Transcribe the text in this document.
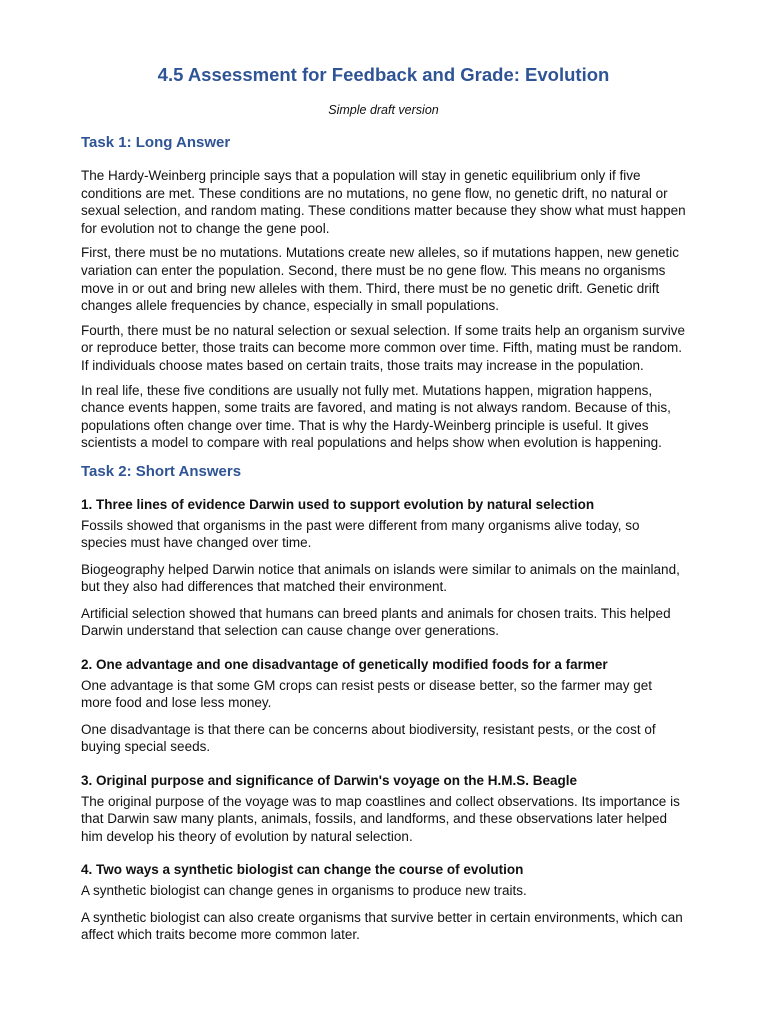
4.5 Assessment for Feedback and Grade: Evolution

Simple draft version

Task 1: Long Answer

The Hardy-Weinberg principle says that a population will stay in genetic equilibrium only if five conditions are met. These conditions are no mutations, no gene flow, no genetic drift, no natural or sexual selection, and random mating. These conditions matter because they show what must happen for evolution not to change the gene pool.

First, there must be no mutations. Mutations create new alleles, so if mutations happen, new genetic variation can enter the population. Second, there must be no gene flow. This means no organisms move in or out and bring new alleles with them. Third, there must be no genetic drift. Genetic drift changes allele frequencies by chance, especially in small populations.

Fourth, there must be no natural selection or sexual selection. If some traits help an organism survive or reproduce better, those traits can become more common over time. Fifth, mating must be random. If individuals choose mates based on certain traits, those traits may increase in the population.

In real life, these five conditions are usually not fully met. Mutations happen, migration happens, chance events happen, some traits are favored, and mating is not always random. Because of this, populations often change over time. That is why the Hardy-Weinberg principle is useful. It gives scientists a model to compare with real populations and helps show when evolution is happening.

Task 2: Short Answers

1. Three lines of evidence Darwin used to support evolution by natural selection

Fossils showed that organisms in the past were different from many organisms alive today, so species must have changed over time.

Biogeography helped Darwin notice that animals on islands were similar to animals on the mainland, but they also had differences that matched their environment.

Artificial selection showed that humans can breed plants and animals for chosen traits. This helped Darwin understand that selection can cause change over generations.

2. One advantage and one disadvantage of genetically modified foods for a farmer

One advantage is that some GM crops can resist pests or disease better, so the farmer may get more food and lose less money.

One disadvantage is that there can be concerns about biodiversity, resistant pests, or the cost of buying special seeds.

3. Original purpose and significance of Darwin's voyage on the H.M.S. Beagle

The original purpose of the voyage was to map coastlines and collect observations. Its importance is that Darwin saw many plants, animals, fossils, and landforms, and these observations later helped him develop his theory of evolution by natural selection.

4. Two ways a synthetic biologist can change the course of evolution

A synthetic biologist can change genes in organisms to produce new traits.

A synthetic biologist can also create organisms that survive better in certain environments, which can affect which traits become more common later.
